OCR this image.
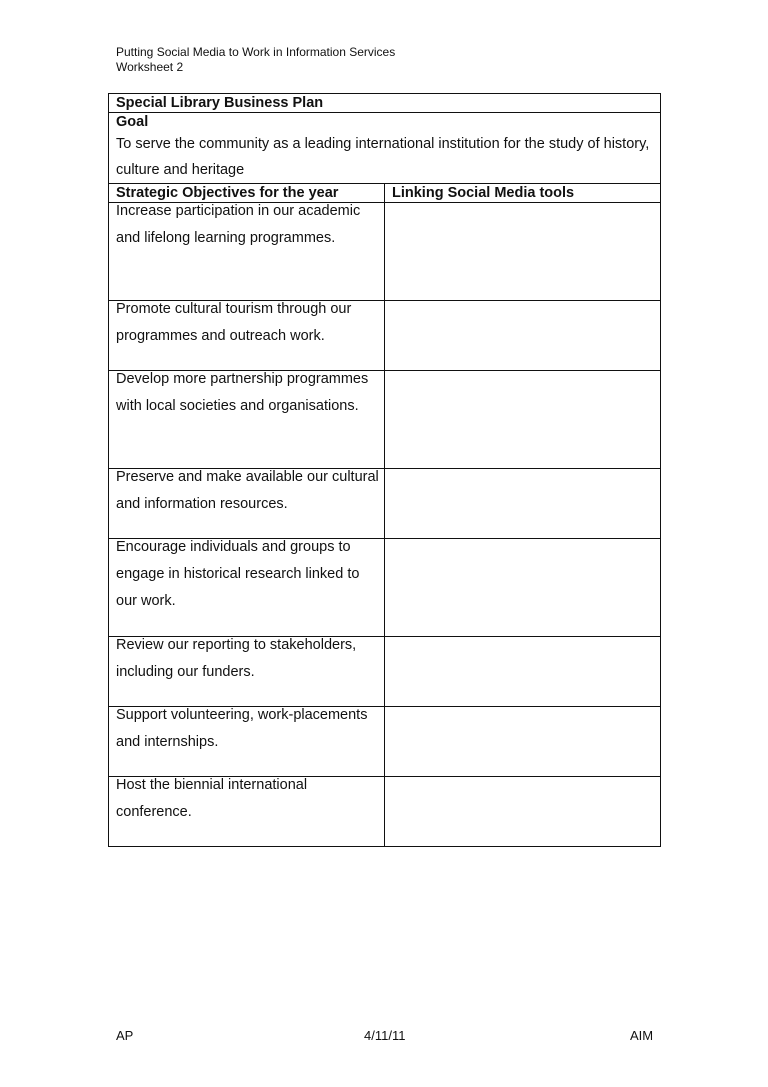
Putting Social Media to Work in Information Services
Worksheet 2
Special Library Business Plan	

Goal
To serve the community as a leading international institution for the study of history, culture and heritage	

Strategic Objectives for the year	Linking Social Media tools

Increase participation in our academic and lifelong learning programmes.	

Promote cultural tourism through our programmes and outreach work.	

Develop more partnership programmes with local societies and organisations.	

Preserve and make available our cultural and information resources.	

Encourage individuals and groups to engage in historical research linked to our work.	

Review our reporting to stakeholders, including our funders.	

Support volunteering, work-placements and internships.	

Host the biennial international conference.	

AP	4/11/11	AIM
